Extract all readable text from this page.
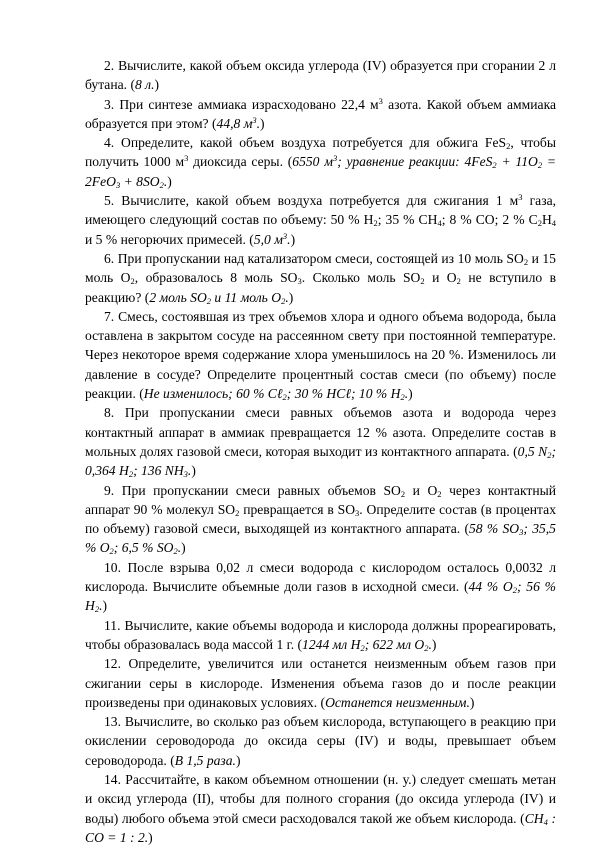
2. Вычислите, какой объем оксида углерода (IV) образуется при сгорании 2 л бутана. (8 л.)

3. При синтезе аммиака израсходовано 22,4 $м^3$ азота. Какой объем аммиака образуется при этом? (44,8 $м^3$.)

4. Определите, какой объем воздуха потребуется для обжига FeS$_2$, чтобы получить 1000 $м^3$ диоксида серы. (6550 $м^3$; уравнение реакции: $4FeS_2 + 11O_2 = 2FeO_3 + 8SO_2$.)

5. Вычислите, какой объем воздуха потребуется для сжигания 1 $м^3$ газа, имеющего следующий состав по объему: 50 % $H_2$; 35 % $CH_4$; 8 % CO; 2 % $C_2H_4$ и 5 % негорючих примесей. (5,0 $м^3$.)

6. При пропускании над катализатором смеси, состоящей из 10 моль $SO_2$ и 15 моль $O_2$, образовалось 8 моль $SO_3$. Сколько моль $SO_2$ и $O_2$ не вступило в реакцию? (2 моль $SO_2$ и 11 моль $O_2$.)

7. Смесь, состоявшая из трех объемов хлора и одного объема водорода, была оставлена в закрытом сосуде на рассеянном свету при постоянной температуре. Через некоторое время содержание хлора уменьшилось на 20 %. Изменилось ли давление в сосуде? Определите процентный состав смеси (по объему) после реакции. (Не изменилось; 60 % Cℓ$_2$; 30 % HCℓ; 10 % $H_2$.)

8. При пропускании смеси равных объемов азота и водорода через контактный аппарат в аммиак превращается 12 % азота. Определите состав в мольных долях газовой смеси, которая выходит из контактного аппарата. (0,5 $N_2$; 0,364 $H_2$; 136 $NH_3$.)

9. При пропускании смеси равных объемов $SO_2$ и $O_2$ через контактный аппарат 90 % молекул $SO_2$ превращается в $SO_3$. Определите состав (в процентах по объему) газовой смеси, выходящей из контактного аппарата. (58 % $SO_3$; 35,5 % $O_2$; 6,5 % $SO_2$.)

10. После взрыва 0,02 л смеси водорода с кислородом осталось 0,0032 л кислорода. Вычислите объемные доли газов в исходной смеси. (44 % $O_2$; 56 % $H_2$.)

11. Вычислите, какие объемы водорода и кислорода должны прореагировать, чтобы образовалась вода массой 1 г. (1244 мл $H_2$; 622 мл $O_2$.)

12. Определите, увеличится или останется неизменным объем газов при сжигании серы в кислороде. Изменения объема газов до и после реакции произведены при одинаковых условиях. (Останется неизменным.)

13. Вычислите, во сколько раз объем кислорода, вступающего в реакцию при окислении сероводорода до оксида серы (IV) и воды, превышает объем сероводорода. (В 1,5 раза.)

14. Рассчитайте, в каком объемном отношении (н. у.) следует смешать метан и оксид углерода (II), чтобы для полного сгорания (до оксида углерода (IV) и воды) любого объема этой смеси расходовался такой же объем кислорода. ($CH_4$ : CO = 1 : 2.)
